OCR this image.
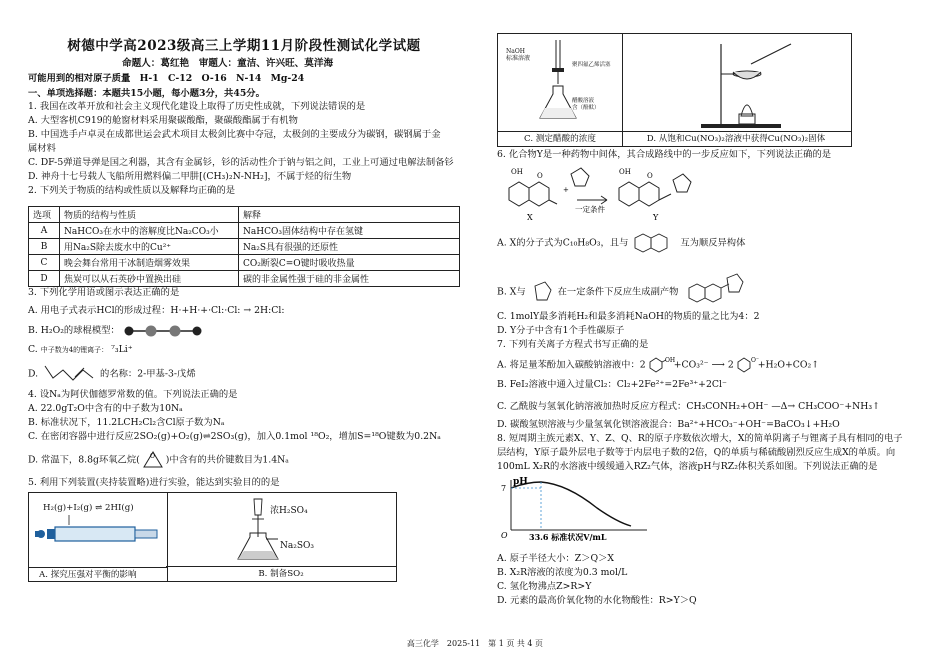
树德中学高2023级高三上学期11月阶段性测试化学试题
命题人：葛红艳　审题人：童洁、许兴旺、莫洋海
可能用到的相对原子质量　H-1　C-12　O-16　N-14　Mg-24
一、单项选择题：本题共15小题，每小题3分，共45分。
1. 我国在改革开放和社会主义现代化建设上取得了历史性成就，下列说法错误的是
A. 大型客机C919的舱窗材料采用聚碳酸酯，聚碳酸酯属于有机物
B. 中国选手卢卓灵在成都世运会武术项目太极剑比赛中夺冠，太极剑的主要成分为碳钢，碳钢属于金
属材料
C. DF-5弹道导弹是国之利器，其含有金属钐，钐的活动性介于钠与铝之间，工业上可通过电解法制备钐
D. 神舟十七号载人飞船所用燃料偏二甲肼[(CH₃)₂N-NH₂]，不属于烃的衍生物
2. 下列关于物质的结构或性质以及解释均正确的是
选项	物质的结构与性质	解释
A	NaHCO₃在水中的溶解度比Na₂CO₃小	NaHCO₃固体结构中存在氢键
B	用Na₂S除去废水中的Cu²⁺	Na₂S具有很强的还原性
C	晚会舞台常用干冰制造烟雾效果	CO₂断裂C=O键时吸收热量
D	焦炭可以从石英砂中置换出硅	碳的非金属性强于硅的非金属性
3. 下列化学用语或图示表达正确的是
A. 用电子式表示HCl的形成过程：H·+H·+·Cl:·Cl: → 2H:Cl:
B. H₂O₂的球棍模型：
C. 中子数为4的锂离子： ⁷₃Li⁺
D.	的名称：2-甲基-3-戊烯
4. 设Nₐ为阿伏伽德罗常数的值。下列说法正确的是
A. 22.0gT₂O中含有的中子数为10Nₐ
B. 标准状况下，11.2LCH₂Cl₂含Cl原子数为Nₐ
C. 在密闭容器中进行反应2SO₂(g)+O₂(g)⇌2SO₃(g)，加入0.1mol ¹⁸O₂，增加S=¹⁸O键数为0.2Nₐ
D. 常温下，8.8g环氧乙烷( O )中含有的共价键数目为1.4Nₐ
5. 利用下列装置(夹持装置略)进行实验，能达到实验目的的是
H₂(g)+I₂(g) ⇌ 2HI(g)
A. 探究压强对平衡的影响
浓H₂SO₄
Na₂SO₃
B. 制备SO₂
NaOH
标准溶液
聚四氟乙烯活塞
醋酸溶液
含（酚酞）
C. 测定醋酸的浓度	D. 从饱和Cu(NO₃)₂溶液中获得Cu(NO₃)₂固体
6. 化合物Y是一种药物中间体，其合成路线中的一步反应如下，下列说法正确的是
OH O
+
OH O
X	Y
一定条件
A. X的分子式为C₁₀H₈O₃，且与	互为顺反异构体
B. X与	在一定条件下反应生成副产物
C. 1molY最多消耗H₂和最多消耗NaOH的物质的量之比为4：2
D. Y分子中含有1个手性碳原子
7. 下列有关离子方程式书写正确的是
A. 将足量苯酚加入碳酸钠溶液中：2	OH
+CO₃²⁻ ⟶ 2	O⁻
+H₂O+CO₂↑
B. FeI₂溶液中通入过量Cl₂：Cl₂+2Fe²⁺=2Fe³⁺+2Cl⁻
C. 乙酰胺与氢氧化钠溶液加热时反应方程式：CH₃CONH₂+OH⁻ —Δ→ CH₃COO⁻+NH₃↑
D. 碳酸氢钡溶液与少量氢氧化钡溶液混合：Ba²⁺+HCO₃⁻+OH⁻=BaCO₃↓+H₂O
8. 短周期主族元素X、Y、Z、Q、R的原子序数依次增大，X的简单阴离子与锂离子具有相同的电子
层结构，Y原子最外层电子数等于内层电子数的2倍，Q的单质与稀硫酸剧烈反应生成X的单质。向
100mL X₂R的水溶液中缓缓通入RZ₂气体，溶液pH与RZ₂体积关系如图。下列说法正确的是
pH
7
O	33.6 标准状况V/mL
A. 原子半径大小：Z＞Q＞X
B. X₂R溶液的浓度为0.3 mol/L
C. 氢化物沸点Z>R>Y
D. 元素的最高价氧化物的水化物酸性：R>Y＞Q
高三化学　2025-11　第 1 页 共 4 页
